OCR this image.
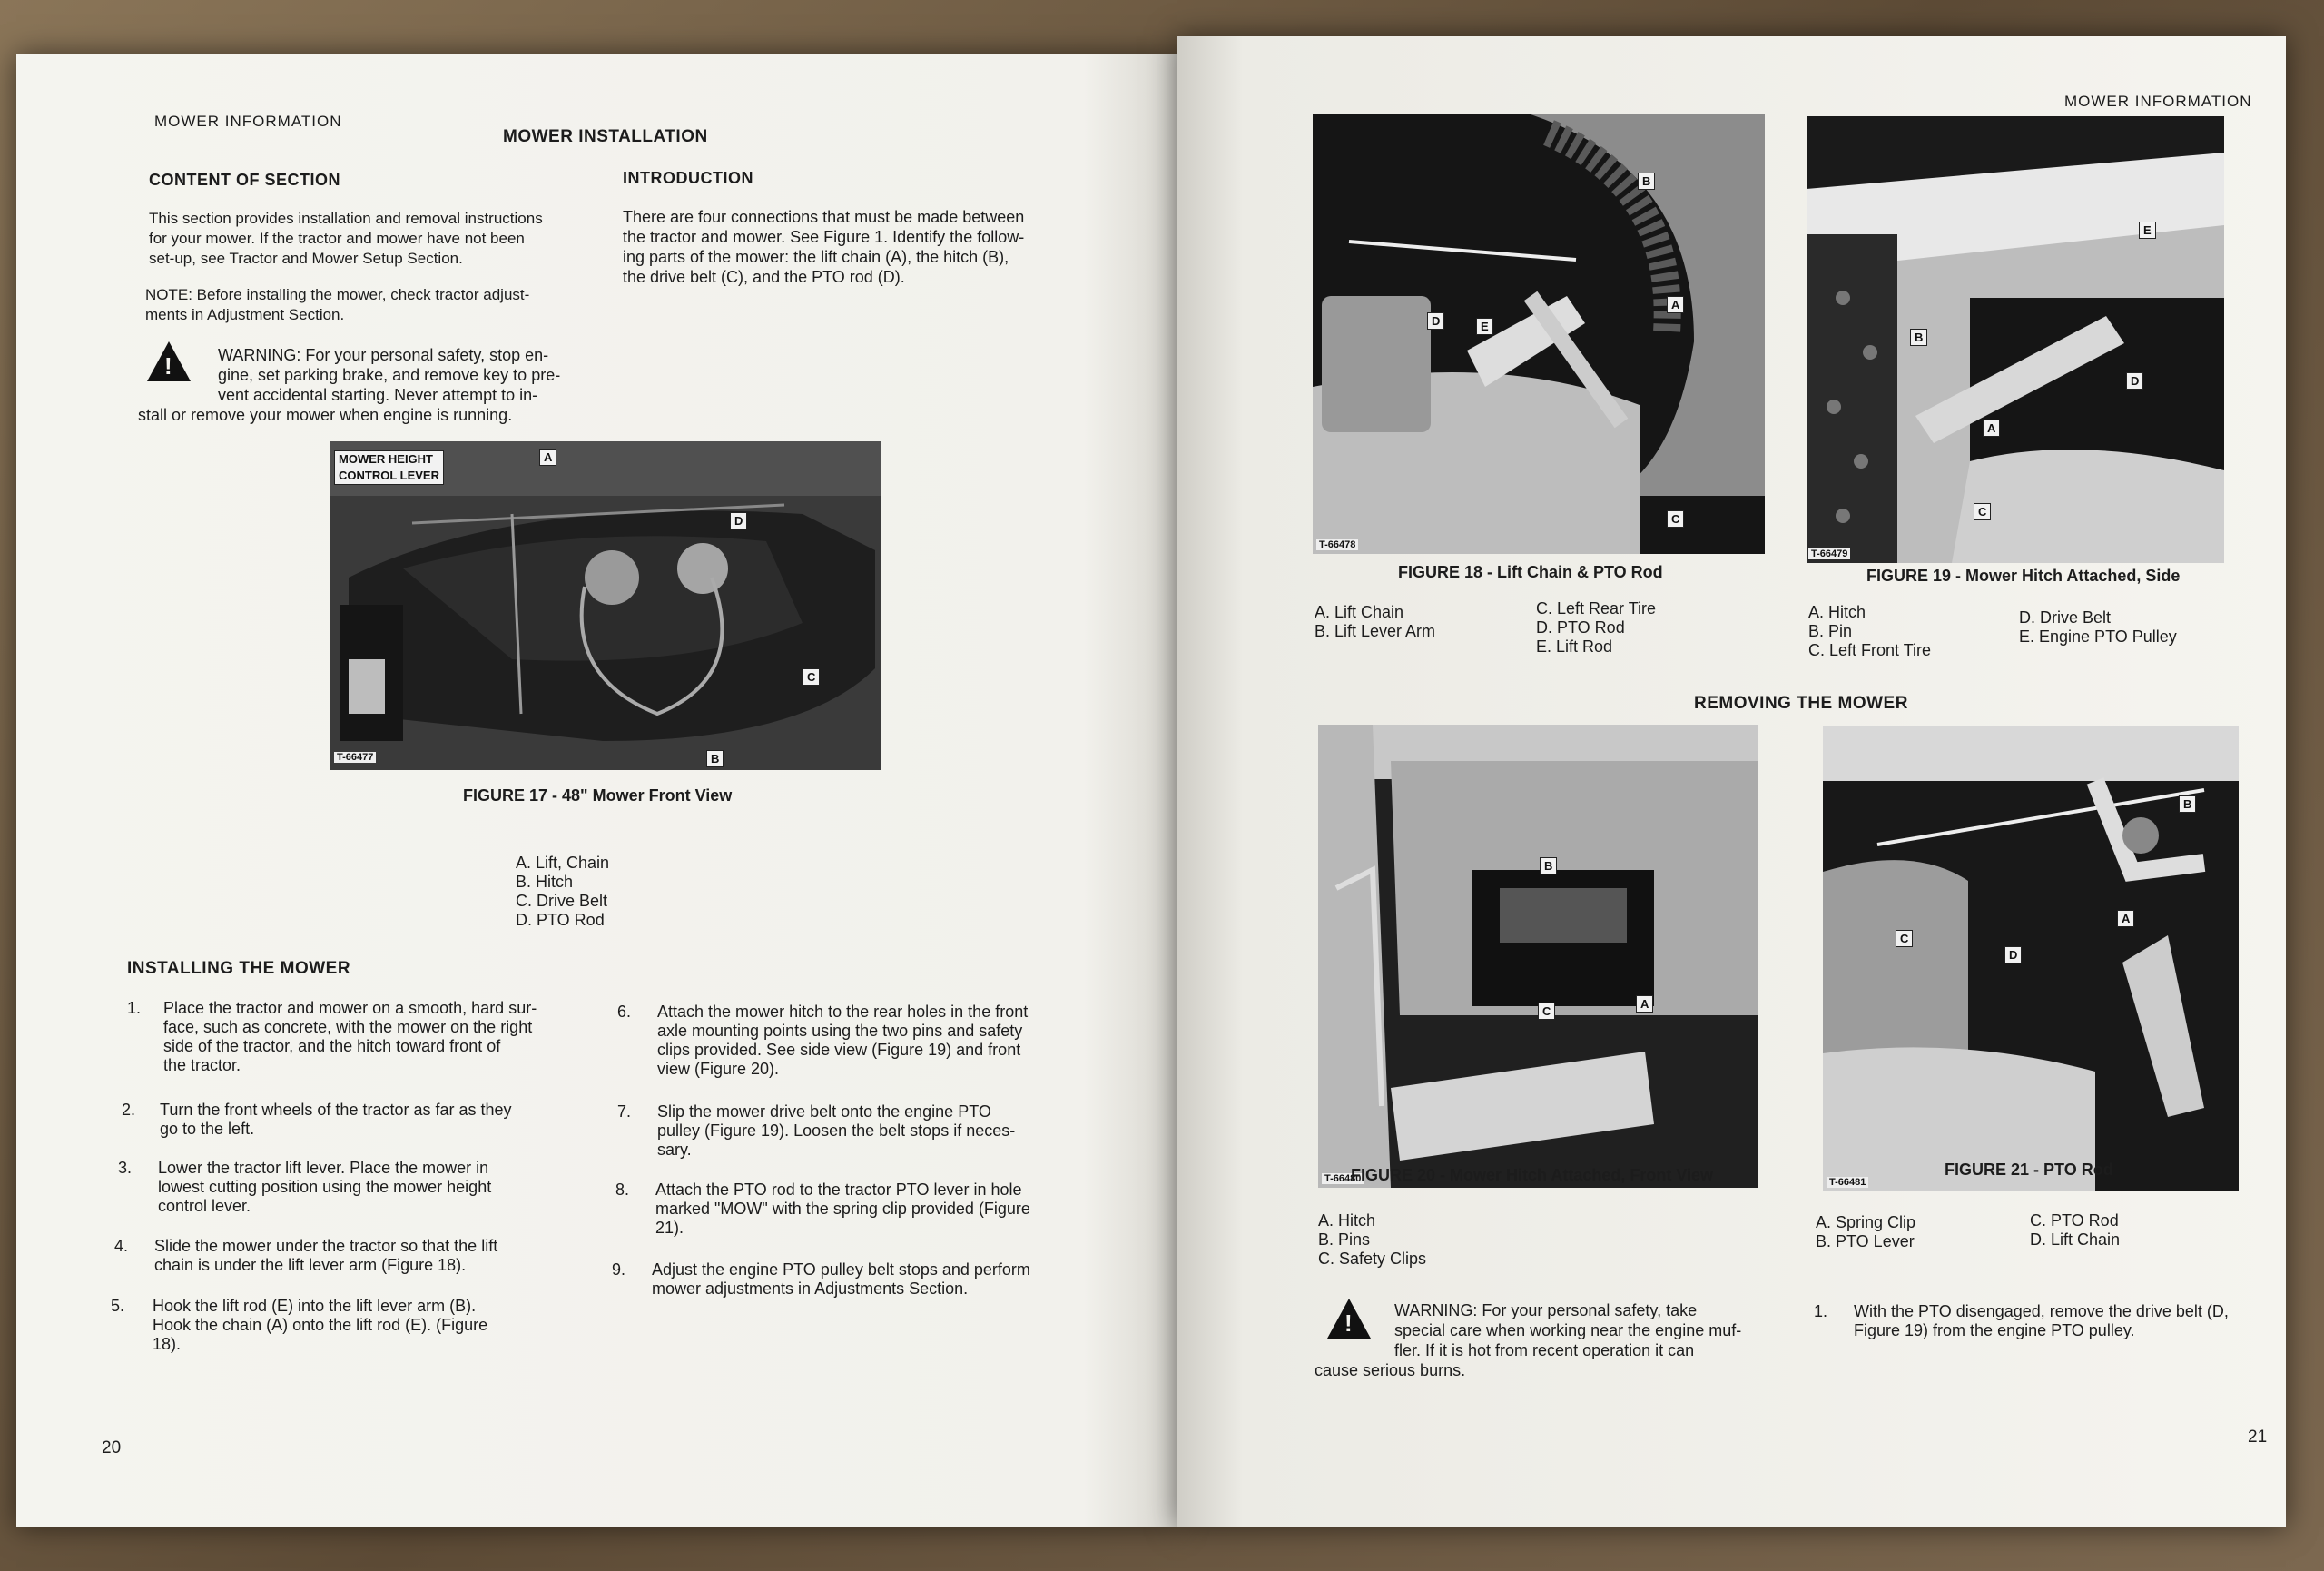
MOWER INFORMATION
MOWER INSTALLATION
CONTENT OF SECTION
This section provides installation and removal instructions
for your mower. If the tractor and mower have not been
set-up, see Tractor and Mower Setup Section.
NOTE: Before installing the mower, check tractor adjust-
ments in Adjustment Section.
!
WARNING: For your personal safety, stop en-
gine, set parking brake, and remove key to pre-
vent accidental starting. Never attempt to in-
stall or remove your mower when engine is running.
INTRODUCTION
There are four connections that must be made between
the tractor and mower. See Figure 1. Identify the follow-
ing parts of the mower: the lift chain (A), the hitch (B),
the drive belt (C), and the PTO rod (D).
MOWER HEIGHT
CONTROL LEVER
A
D
C
B
T-66477
FIGURE 17 - 48" Mower Front View
A. Lift, Chain
B. Hitch
C. Drive Belt
D. PTO Rod
INSTALLING THE MOWER
1. Place the tractor and mower on a smooth, hard sur-
face, such as concrete, with the mower on the right
side of the tractor, and the hitch toward front of
the tractor.
2. Turn the front wheels of the tractor as far as they
go to the left.
3. Lower the tractor lift lever. Place the mower in
lowest cutting position using the mower height
control lever.
4. Slide the mower under the tractor so that the lift
chain is under the lift lever arm (Figure 18).
5. Hook the lift rod (E) into the lift lever arm (B).
Hook the chain (A) onto the lift rod (E). (Figure
18).
6. Attach the mower hitch to the rear holes in the front
axle mounting points using the two pins and safety
clips provided. See side view (Figure 19) and front
view (Figure 20).
7. Slip the mower drive belt onto the engine PTO
pulley (Figure 19). Loosen the belt stops if neces-
sary.
8. Attach the PTO rod to the tractor PTO lever in hole
marked "MOW" with the spring clip provided (Figure
21).
9. Adjust the engine PTO pulley belt stops and perform
mower adjustments in Adjustments Section.
20
MOWER INFORMATION
B
A
D	E
C
T-66478
FIGURE 18 - Lift Chain & PTO Rod
A. Lift Chain
B. Lift Lever Arm
C. Left Rear Tire
D. PTO Rod
E. Lift Rod
E
B
D
A
C
T-66479
FIGURE 19 - Mower Hitch Attached, Side
A. Hitch
B. Pin
C. Left Front Tire
D. Drive Belt
E. Engine PTO Pulley
REMOVING THE MOWER
B
C
A
T-66480
FIGURE 20 - Mower Hitch Attached, Front View
A. Hitch
B. Pins
C. Safety Clips
B
A
C
D
T-66481
FIGURE 21 - PTO Rod
A. Spring Clip
B. PTO Lever
C. PTO Rod
D. Lift Chain
!
WARNING: For your personal safety, take
special care when working near the engine muf-
fler. If it is hot from recent operation it can
cause serious burns.
1. With the PTO disengaged, remove the drive belt (D,
Figure 19) from the engine PTO pulley.
21
